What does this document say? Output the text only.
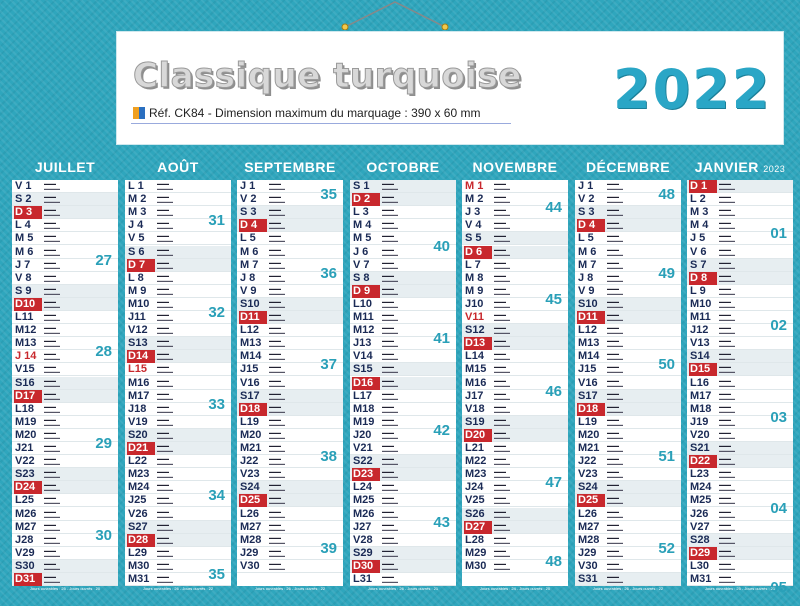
Classique turquoise
Réf. CK84 - Dimension maximum du marquage : 390 x 60 mm 2022
JUILLET
V 1	▬▬▬
▬▬▬▬
S 2	▬▬▬
▬▬▬▬
D 3	▬▬▬
▬▬▬▬
L 4	▬▬▬
▬▬▬▬
M 5	▬▬▬
▬▬▬▬
M 6	▬▬▬
▬▬▬▬
J 7	▬▬▬
▬▬▬▬
V 8	▬▬▬
▬▬▬▬
S 9	▬▬▬
▬▬▬▬
D10	▬▬▬
▬▬▬▬
L11	▬▬▬
▬▬▬▬
M12	▬▬▬
▬▬▬▬
M13	▬▬▬
▬▬▬▬
J 14	▬▬▬
▬▬▬▬
V15	▬▬▬
▬▬▬▬
S16	▬▬▬
▬▬▬▬
D17	▬▬▬
▬▬▬▬
L18	▬▬▬
▬▬▬▬
M19	▬▬▬
▬▬▬▬
M20	▬▬▬
▬▬▬▬
J21	▬▬▬
▬▬▬▬
V22	▬▬▬
▬▬▬▬
S23	▬▬▬
▬▬▬▬
D24	▬▬▬
▬▬▬▬
L25	▬▬▬
▬▬▬▬
M26	▬▬▬
▬▬▬▬
M27	▬▬▬
▬▬▬▬
J28	▬▬▬
▬▬▬▬
V29	▬▬▬
▬▬▬▬
S30	▬▬▬
▬▬▬▬
D31	▬▬▬
▬▬▬▬
27
28
29
30
Jours ouvrables : 25 - Jours ouvrés : 20
AOÛT
L 1	▬▬▬
▬▬▬▬
M 2	▬▬▬
▬▬▬▬
M 3	▬▬▬
▬▬▬▬
J 4	▬▬▬
▬▬▬▬
V 5	▬▬▬
▬▬▬▬
S 6	▬▬▬
▬▬▬▬
D 7	▬▬▬
▬▬▬▬
L 8	▬▬▬
▬▬▬▬
M 9	▬▬▬
▬▬▬▬
M10	▬▬▬
▬▬▬▬
J11	▬▬▬
▬▬▬▬
V12	▬▬▬
▬▬▬▬
S13	▬▬▬
▬▬▬▬
D14	▬▬▬
▬▬▬▬
L15	▬▬▬
▬▬▬▬
M16	▬▬▬
▬▬▬▬
M17	▬▬▬
▬▬▬▬
J18	▬▬▬
▬▬▬▬
V19	▬▬▬
▬▬▬▬
S20	▬▬▬
▬▬▬▬
D21	▬▬▬
▬▬▬▬
L22	▬▬▬
▬▬▬▬
M23	▬▬▬
▬▬▬▬
M24	▬▬▬
▬▬▬▬
J25	▬▬▬
▬▬▬▬
V26	▬▬▬
▬▬▬▬
S27	▬▬▬
▬▬▬▬
D28	▬▬▬
▬▬▬▬
L29	▬▬▬
▬▬▬▬
M30	▬▬▬
▬▬▬▬
M31	▬▬▬
▬▬▬▬
31
32
33
34
35
Jours ouvrables : 26 - Jours ouvrés : 22
SEPTEMBRE
J 1	▬▬▬
▬▬▬▬
V 2	▬▬▬
▬▬▬▬
S 3	▬▬▬
▬▬▬▬
D 4	▬▬▬
▬▬▬▬
L 5	▬▬▬
▬▬▬▬
M 6	▬▬▬
▬▬▬▬
M 7	▬▬▬
▬▬▬▬
J 8	▬▬▬
▬▬▬▬
V 9	▬▬▬
▬▬▬▬
S10	▬▬▬
▬▬▬▬
D11	▬▬▬
▬▬▬▬
L12	▬▬▬
▬▬▬▬
M13	▬▬▬
▬▬▬▬
M14	▬▬▬
▬▬▬▬
J15	▬▬▬
▬▬▬▬
V16	▬▬▬
▬▬▬▬
S17	▬▬▬
▬▬▬▬
D18	▬▬▬
▬▬▬▬
L19	▬▬▬
▬▬▬▬
M20	▬▬▬
▬▬▬▬
M21	▬▬▬
▬▬▬▬
J22	▬▬▬
▬▬▬▬
V23	▬▬▬
▬▬▬▬
S24	▬▬▬
▬▬▬▬
D25	▬▬▬
▬▬▬▬
L26	▬▬▬
▬▬▬▬
M27	▬▬▬
▬▬▬▬
M28	▬▬▬
▬▬▬▬
J29	▬▬▬
▬▬▬▬
V30	▬▬▬
▬▬▬▬
35
36
37
38
39
Jours ouvrables : 26 - Jours ouvrés : 22
OCTOBRE
S 1	▬▬▬
▬▬▬▬
D 2	▬▬▬
▬▬▬▬
L 3	▬▬▬
▬▬▬▬
M 4	▬▬▬
▬▬▬▬
M 5	▬▬▬
▬▬▬▬
J 6	▬▬▬
▬▬▬▬
V 7	▬▬▬
▬▬▬▬
S 8	▬▬▬
▬▬▬▬
D 9	▬▬▬
▬▬▬▬
L10	▬▬▬
▬▬▬▬
M11	▬▬▬
▬▬▬▬
M12	▬▬▬
▬▬▬▬
J13	▬▬▬
▬▬▬▬
V14	▬▬▬
▬▬▬▬
S15	▬▬▬
▬▬▬▬
D16	▬▬▬
▬▬▬▬
L17	▬▬▬
▬▬▬▬
M18	▬▬▬
▬▬▬▬
M19	▬▬▬
▬▬▬▬
J20	▬▬▬
▬▬▬▬
V21	▬▬▬
▬▬▬▬
S22	▬▬▬
▬▬▬▬
D23	▬▬▬
▬▬▬▬
L24	▬▬▬
▬▬▬▬
M25	▬▬▬
▬▬▬▬
M26	▬▬▬
▬▬▬▬
J27	▬▬▬
▬▬▬▬
V28	▬▬▬
▬▬▬▬
S29	▬▬▬
▬▬▬▬
D30	▬▬▬
▬▬▬▬
L31	▬▬▬
▬▬▬▬
40
41
42
43
Jours ouvrables : 26 - Jours ouvrés : 21
NOVEMBRE
M 1	▬▬▬
▬▬▬▬
M 2	▬▬▬
▬▬▬▬
J 3	▬▬▬
▬▬▬▬
V 4	▬▬▬
▬▬▬▬
S 5	▬▬▬
▬▬▬▬
D 6	▬▬▬
▬▬▬▬
L 7	▬▬▬
▬▬▬▬
M 8	▬▬▬
▬▬▬▬
M 9	▬▬▬
▬▬▬▬
J10	▬▬▬
▬▬▬▬
V11	▬▬▬
▬▬▬▬
S12	▬▬▬
▬▬▬▬
D13	▬▬▬
▬▬▬▬
L14	▬▬▬
▬▬▬▬
M15	▬▬▬
▬▬▬▬
M16	▬▬▬
▬▬▬▬
J17	▬▬▬
▬▬▬▬
V18	▬▬▬
▬▬▬▬
S19	▬▬▬
▬▬▬▬
D20	▬▬▬
▬▬▬▬
L21	▬▬▬
▬▬▬▬
M22	▬▬▬
▬▬▬▬
M23	▬▬▬
▬▬▬▬
J24	▬▬▬
▬▬▬▬
V25	▬▬▬
▬▬▬▬
S26	▬▬▬
▬▬▬▬
D27	▬▬▬
▬▬▬▬
L28	▬▬▬
▬▬▬▬
M29	▬▬▬
▬▬▬▬
M30	▬▬▬
▬▬▬▬
44
45
46
47
48
Jours ouvrables : 24 - Jours ouvrés : 20
DÉCEMBRE
J 1	▬▬▬
▬▬▬▬
V 2	▬▬▬
▬▬▬▬
S 3	▬▬▬
▬▬▬▬
D 4	▬▬▬
▬▬▬▬
L 5	▬▬▬
▬▬▬▬
M 6	▬▬▬
▬▬▬▬
M 7	▬▬▬
▬▬▬▬
J 8	▬▬▬
▬▬▬▬
V 9	▬▬▬
▬▬▬▬
S10	▬▬▬
▬▬▬▬
D11	▬▬▬
▬▬▬▬
L12	▬▬▬
▬▬▬▬
M13	▬▬▬
▬▬▬▬
M14	▬▬▬
▬▬▬▬
J15	▬▬▬
▬▬▬▬
V16	▬▬▬
▬▬▬▬
S17	▬▬▬
▬▬▬▬
D18	▬▬▬
▬▬▬▬
L19	▬▬▬
▬▬▬▬
M20	▬▬▬
▬▬▬▬
M21	▬▬▬
▬▬▬▬
J22	▬▬▬
▬▬▬▬
V23	▬▬▬
▬▬▬▬
S24	▬▬▬
▬▬▬▬
D25	▬▬▬
▬▬▬▬
L26	▬▬▬
▬▬▬▬
M27	▬▬▬
▬▬▬▬
M28	▬▬▬
▬▬▬▬
J29	▬▬▬
▬▬▬▬
V30	▬▬▬
▬▬▬▬
S31	▬▬▬
▬▬▬▬
48
49
50
51
52
Jours ouvrables : 26 - Jours ouvrés : 22
JANVIER 2023
D 1	▬▬▬
▬▬▬▬
L 2	▬▬▬
▬▬▬▬
M 3	▬▬▬
▬▬▬▬
M 4	▬▬▬
▬▬▬▬
J 5	▬▬▬
▬▬▬▬
V 6	▬▬▬
▬▬▬▬
S 7	▬▬▬
▬▬▬▬
D 8	▬▬▬
▬▬▬▬
L 9	▬▬▬
▬▬▬▬
M10	▬▬▬
▬▬▬▬
M11	▬▬▬
▬▬▬▬
J12	▬▬▬
▬▬▬▬
V13	▬▬▬
▬▬▬▬
S14	▬▬▬
▬▬▬▬
D15	▬▬▬
▬▬▬▬
L16	▬▬▬
▬▬▬▬
M17	▬▬▬
▬▬▬▬
M18	▬▬▬
▬▬▬▬
J19	▬▬▬
▬▬▬▬
V20	▬▬▬
▬▬▬▬
S21	▬▬▬
▬▬▬▬
D22	▬▬▬
▬▬▬▬
L23	▬▬▬
▬▬▬▬
M24	▬▬▬
▬▬▬▬
M25	▬▬▬
▬▬▬▬
J26	▬▬▬
▬▬▬▬
V27	▬▬▬
▬▬▬▬
S28	▬▬▬
▬▬▬▬
D29	▬▬▬
▬▬▬▬
L30	▬▬▬
▬▬▬▬
M31	▬▬▬
▬▬▬▬
01
02
03
04
05
Jours ouvrables : 25 - Jours ouvrés : 21
